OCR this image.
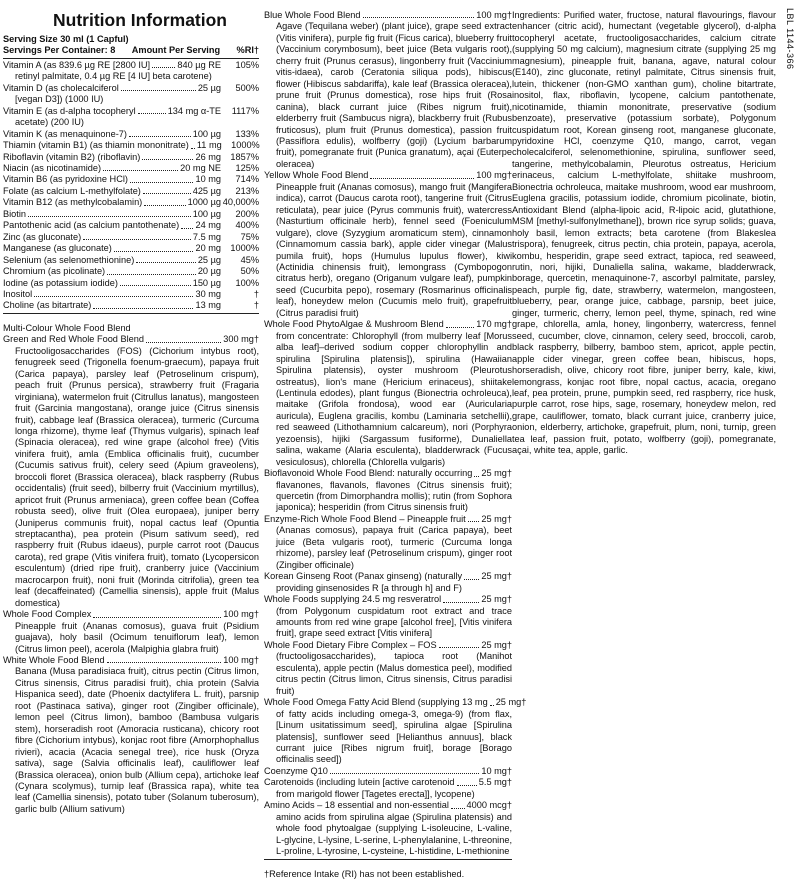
Nutrition Information
Serving Size 30 ml (1 Capful)
Servings Per Container: 8 Amount Per Serving %RI†
Vitamin A (as 839.6 µg RE [2800 IU]	840 µg RE	105%
retinyl palmitate, 0.4 µg RE [4 IU] beta carotene)
Vitamin D (as cholecalciferol	25 µg	500%
[vegan D3]) (1000 IU)
Vitamin E (as d-alpha tocopheryl	134 mg α-TE	1117%
acetate) (200 IU)
Vitamin K (as menaquinone-7)	100 µg	133%
Thiamin (vitamin B1) (as thiamin mononitrate) 11 mg	1000%
Riboflavin (vitamin B2) (riboflavin)	26 mg	1857%
Niacin (as nicotinamide)	20 mg NE	125%
Vitamin B6 (as pyridoxine HCl)	10 mg	714%
Folate (as calcium L-methylfolate)	425 µg	213%
Vitamin B12 (as methylcobalamin)	1000 µg 40,000%
Biotin	100 µg	200%
Pantothenic acid (as calcium pantothenate) 24 mg	400%
Zinc (as gluconate)	7.5 mg	75%
Manganese (as gluconate)	20 mg	1000%
Selenium (as selenomethionine)	25 µg	45%
Chromium (as picolinate)	20 µg	50%
Iodine (as potassium iodide)	150 µg	100%
Inositol	30 mg	†
Choline (as bitartrate)	13 mg	†
Multi-Colour Whole Food Blend
Green and Red Whole Food Blend	300 mg†
Fructooligosaccharides (FOS) (Cichorium intybus root), fenugreek seed (Trigonella foenum-graecum), papaya fruit (Carica papaya), parsley leaf (Petroselinum crispum), peach fruit (Prunus persica), strawberry fruit (Fragaria virginiana), watermelon fruit (Citrullus lanatus), mangosteen fruit (Garcinia mangostana), orange juice (Citrus sinensis fruit), cabbage leaf (Brassica oleracea), turmeric (Curcuma longa rhizome), thyme leaf (Thymus vulgaris), spinach leaf (Spinacia oleracea), red wine grape (alcohol free) (Vitis vinifera fruit), amla (Emblica officinalis fruit), cucumber (Cucumis sativus fruit), celery seed (Apium graveolens), broccoli floret (Brassica oleracea), black raspberry (Rubus occidentalis) (fruit seed), bilberry fruit (Vaccinium myrtillus), apricot fruit (Prunus armeniaca), green coffee bean (Coffea robusta seed), olive fruit (Olea europaea), juniper berry (Juniperus communis fruit), nopal cactus leaf (Opuntia streptacantha), pea protein (Pisum sativum seed), red raspberry fruit (Rubus idaeus), purple carrot root (Daucus carota), red grape (Vitis vinifera fruit), tomato (Lycopersicon esculentum) (dried ripe fruit), cranberry juice (Vaccinium macrocarpon fruit), noni fruit (Morinda citrifolia), green tea leaf (decaffeinated) (Camellia sinensis), apple fruit (Malus domestica)
Whole Food Complex	100 mg†
Pineapple fruit (Ananas comosus), guava fruit (Psidium guajava), holy basil (Ocimum tenuiflorum leaf), lemon (Citrus limon peel), acerola (Malpighia glabra fruit)
White Whole Food Blend	100 mg†
Banana (Musa paradisiaca fruit), citrus pectin (Citrus limon, Citrus sinensis, Citrus paradisi fruit), chia protein (Salvia Hispanica seed), date (Phoenix dactylifera L. fruit), parsnip root (Pastinaca sativa), ginger root (Zingiber officinale), lemon peel (Citrus limon), bamboo (Bambusa vulgaris stem), horseradish root (Amoracia rusticana), chicory root fibre (Cichorium intybus), konjac root fibre (Amorphophallus rivieri), acacia (Acacia senegal tree), rice husk (Oryza sativa), sage (Salvia officinalis leaf), cauliflower leaf (Brassica oleracea), onion bulb (Allium cepa), artichoke leaf (Cynara scolymus), turnip leaf (Brassica rapa), white tea leaf (Camellia sinensis), potato tuber (Solanum tuberosum), garlic bulb (Allium sativum)
Blue Whole Food Blend	100 mg†
Agave (Tequilana weber) (plant juice), grape seed extract (Vitis vinifera), purple fig fruit (Ficus carica), blueberry fruit (Vaccinium corymbosum), beet juice (Beta vulgaris root), cherry fruit (Prunus cerasus), lingonberry fruit (Vaccinium vitis-idaea), carob (Ceratonia siliqua pods), hibiscus flower (Hibiscus sabdariffa), kale leaf (Brassica oleracea), prune fruit (Prunus domestica), rose hips fruit (Rosa canina), black currant juice (Ribes nigrum fruit), elderberry fruit (Sambucus nigra), blackberry fruit (Rubus fruticosus), plum fruit (Prunus domestica), passion fruit (Passiflora edulis), wolfberry (goji) (Lycium barbarum fruit), pomegranate fruit (Punica granatum), açai (Euterpe oleracea)
Yellow Whole Food Blend	100 mg†
Pineapple fruit (Ananas comosus), mango fruit (Mangifera indica), carrot (Daucus carota root), tangerine fruit (Citrus reticulata), pear juice (Pyrus communis fruit), watercress (Nasturtium officinale herb), fennel seed (Foeniculum vulgare), clove (Syzygium aromaticum stem), cinnamon (Cinnamomum cassia bark), apple cider vinegar (Malus pumila fruit), hops (Humulus lupulus flower), kiwi (Actinidia chinensis fruit), lemongrass (Cymbopogon citratus herb), oregano (Origanum vulgare leaf), pumpkin seed (Cucurbita pepo), rosemary (Rosmarinus officinalis leaf), honeydew melon (Cucumis melo fruit), grapefruit (Citrus paradisi fruit)
Whole Food PhytoAlgae & Mushroom Blend	170 mg†
from concentrate: Chlorophyll (from mulberry leaf [Morus alba leaf]–derived sodium copper chlorophyllin and spirulina [Spirulina platensis]), spirulina (Hawaiian Spirulina platensis), oyster mushroom (Pleurotus ostreatus), lion's mane (Hericium erinaceus), shiitake (Lentinula edodes), plant fungus (Bionectria ochroleuca), maitake (Grifola frondosa), wood ear (Auricularia auricula), Euglena gracilis, kombu (Laminaria setchellii), red seaweed (Lithothamnium calcareum), nori (Porphyra yezoensis), hijiki (Sargassum fusiforme), Dunaliella salina, wakame (Alaria esculenta), bladderwrack (Fucus vesiculosus), chlorella (Chlorella vulgaris)
Bioflavonoid Whole Food Blend: naturally occurring 25 mg†
flavanones, flavanols, flavones (Citrus sinensis fruit); quercetin (from Dimorphandra mollis); rutin (from Sophora japonica); hesperidin (from Citrus sinensis fruit)
Enzyme-Rich Whole Food Blend – Pineapple fruit 25 mg†
(Ananas comosus), papaya fruit (Carica papaya), beet juice (Beta vulgaris root), turmeric (Curcuma longa rhizome), parsley leaf (Petroselinum crispum), ginger root (Zingiber officinale)
Korean Ginseng Root (Panax ginseng) (naturally 25 mg†
providing ginsenosides R [a through h] and F)
Whole Foods supplying 24.5 mg resveratrol	25 mg†
(from Polygonum cuspidatum root extract and trace amounts from red wine grape [alcohol free], [Vitis vinifera fruit], grape seed extract [Vitis vinifera]
Whole Food Dietary Fibre Complex – FOS	25 mg†
(fructooligosaccharides), tapioca root (Manihot esculenta), apple pectin (Malus domestica peel), modified citrus pectin (Citrus limon, Citrus sinensis, Citrus paradisi fruit)
Whole Food Omega Fatty Acid Blend (supplying 13 mg 25 mg†
of fatty acids including omega-3, omega-9) (from flax, [Linum usitatissimum seed], spirulina algae [Spirulina platensis], sunflower seed [Helianthus annuus], black currant juice [Ribes nigrum fruit], borage [Borago officinalis seed])
Coenzyme Q10	10 mg†
Carotenoids (including lutein [active carotenoid	5.5 mg†
from marigold flower [Tagetes erecta]], lycopene)
Amino Acids – 18 essential and non-essential 4000 mcg†
amino acids from spirulina algae (Spirulina platensis) and whole food phytoalgae (supplying L-isoleucine, L-valine, L-glycine, L-lysine, L-serine, L-phenylalanine, L-threonine, L-proline, L-tyrosine, L-cysteine, L-histidine, L-methionine
†Reference Intake (RI) has not been established.
Ingredients: Purified water, fructose, natural flavourings, flavour enhancer (citric acid), humectant (vegetable glycerol), d-alpha tocopheryl acetate, fructooligosaccharides, calcium citrate (supplying 50 mg calcium), magnesium citrate (supplying 25 mg magnesium), pineapple fruit, banana, agave, natural colour (E140), zinc gluconate, retinyl palmitate, Citrus sinensis fruit, lutein, thickener (non-GMO xanthan gum), choline bitartrate, inositol, flax, riboflavin, lycopene, calcium pantothenate, nicotinamide, thiamin mononitrate, preservative (sodium benzoate), preservative (potassium sorbate), Polygonum cuspidatum root, Korean ginseng root, manganese gluconate, pyridoxine HCl, coenzyme Q10, mango, carrot, vegan cholecalciferol, selenomethionine, spirulina, sunflower seed, tangerine, methylcobalamin, Pleurotus ostreatus, Hericium erinaceus, calcium L-methylfolate, shiitake mushroom, Bionectria ochroleuca, maitake mushroom, wood ear mushroom, Euglena gracilis, potassium iodide, chromium picolinate, biotin, Antioxidant Blend (alpha-lipoic acid, R-lipoic acid, glutathione, MSM [methyl-sulfonylmethane]), brown rice syrup solids; guava, holy basil, lemon extracts; beta carotene (from Blakeslea trispora), fenugreek, citrus pectin, chia protein, papaya, acerola, kombu, hesperidin, grape seed extract, tapioca, red seaweed, rutin, nori, hijiki, Dunaliella salina, wakame, bladderwrack, borage, quercetin, menaquinone-7, ascorbyl palmitate, parsley, peach, purple fig, date, strawberry, watermelon, mangosteen, blueberry, pear, orange juice, cabbage, parsnip, beet juice, ginger, turmeric, cherry, lemon peel, thyme, spinach, red wine grape, chlorella, amla, honey, lingonberry, watercress, fennel seed, cucumber, clove, cinnamon, celery seed, broccoli, carob, black raspberry, bilberry, bamboo stem, apricot, apple pectin, apple cider vinegar, green coffee bean, hibiscus, hops, horseradish, olive, chicory root fibre, juniper berry, kale, kiwi, lemongrass, konjac root fibre, nopal cactus, acacia, oregano leaf, pea protein, prune, pumpkin seed, red raspberry, rice husk, purple carrot, rose hips, sage, rosemary, honeydew melon, red grape, cauliflower, tomato, black currant juice, cranberry juice, onion, elderberry, artichoke, grapefruit, plum, noni, turnip, green tea leaf, passion fruit, potato, wolfberry (goji), pomegranate, açai, white tea, apple, garlic.
LBL 1144-366
